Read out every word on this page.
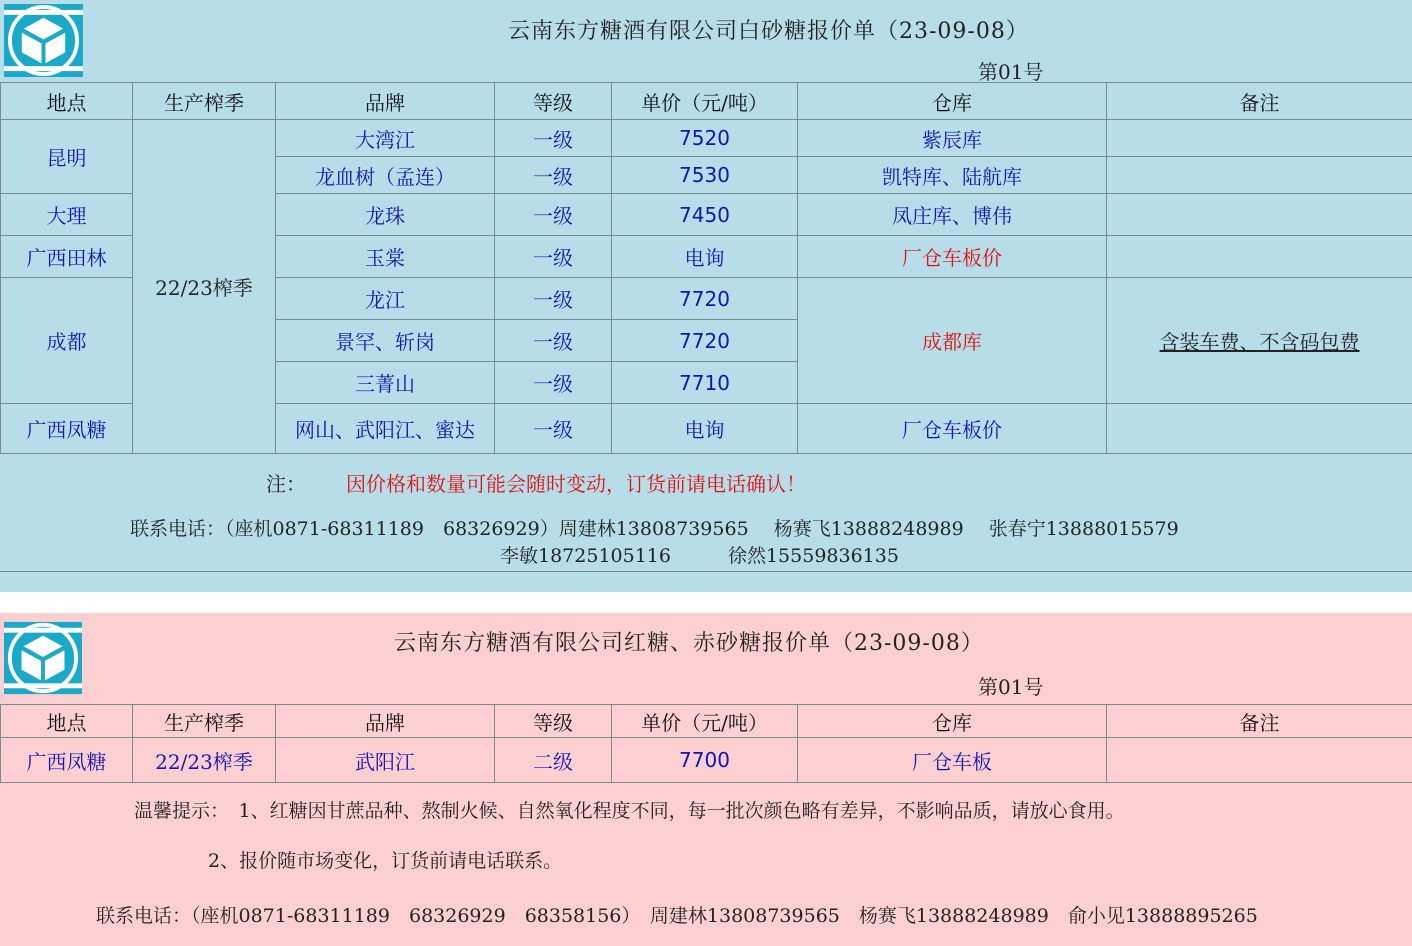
云南东方糖酒有限公司白砂糖报价单（23-09-08）
第01号
地点	生产榨季	品牌	等级	单价（元/吨）	仓库	备注
昆明	22/23榨季	大湾江	一级	7520	紫辰库	
		龙血树（孟连）	一级	7530	凯特库、陆航库	
大理		龙珠	一级	7450	凤庄库、博伟	
广西田林		玉棠	一级	电询	厂仓车板价	
成都		龙江	一级	7720	成都库	含装车费、不含码包费
		景罕、斩岗	一级	7720		
		三菁山	一级	7710		
广西凤糖		网山、武阳江、蜜达	一级	电询	厂仓车板价	
注： 因价格和数量可能会随时变动，订货前请电话确认！
联系电话：（座机0871-68311189　68326929）周建林13808739565　 杨赛飞13888248989　 张春宁13888015579
李敏18725105116　　　徐然15559836135
云南东方糖酒有限公司红糖、赤砂糖报价单（23-09-08）
第01号
地点	生产榨季	品牌	等级	单价（元/吨）	仓库	备注
广西凤糖	22/23榨季	武阳江	二级	7700	厂仓车板	
温馨提示：　1、红糖因甘蔗品种、熬制火候、自然氧化程度不同，每一批次颜色略有差异，不影响品质，请放心食用。
2、报价随市场变化，订货前请电话联系。
联系电话：（座机0871-68311189　68326929　68358156）　周建林13808739565　杨赛飞13888248989　俞小见13888895265
